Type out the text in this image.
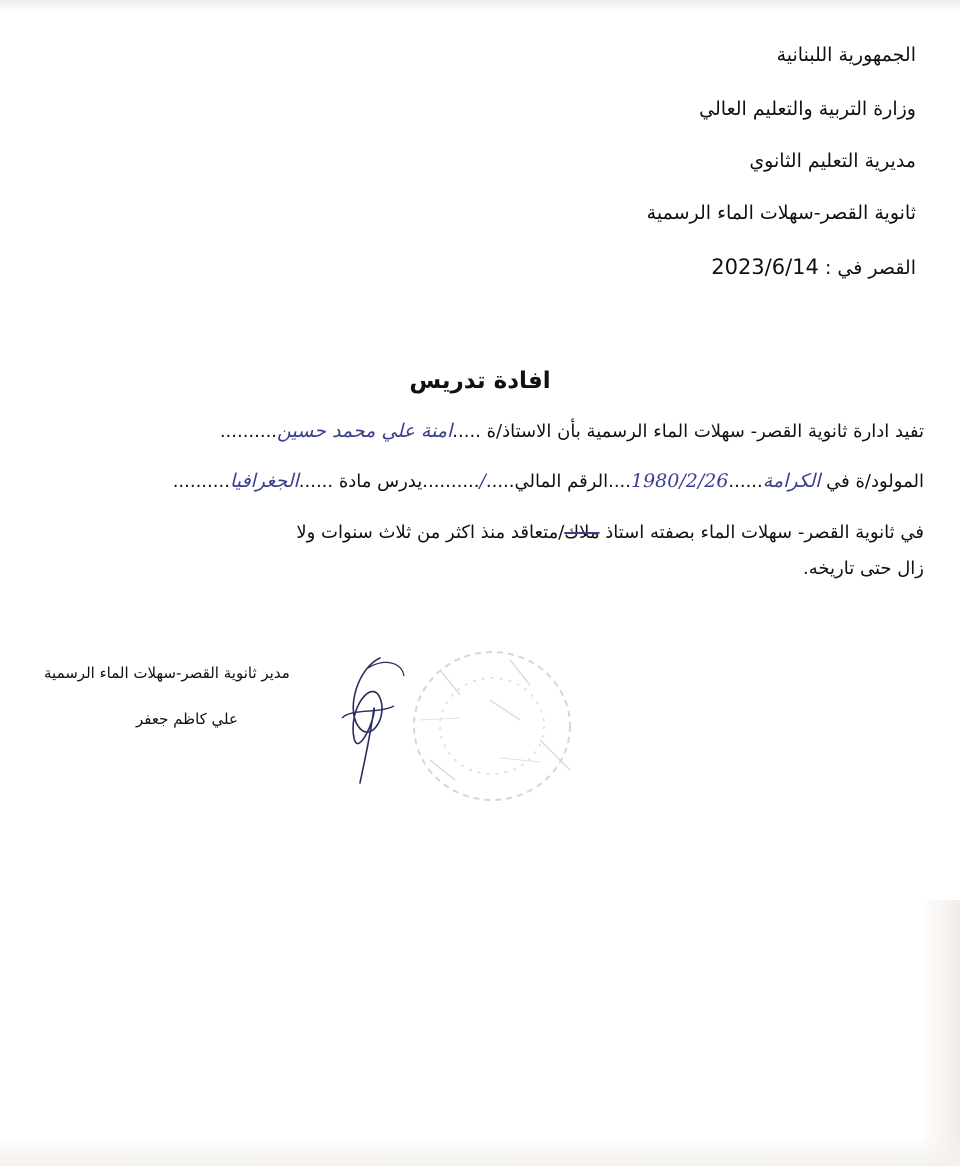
الجمهورية اللبنانية
وزارة التربية والتعليم العالي
مديرية التعليم الثانوي
ثانوية القصر-سهلات الماء الرسمية
القصر في : 2023/6/14
افادة تدريس
تفيد ادارة ثانوية القصر- سهلات الماء الرسمية بأن الاستاذ/ة .....امنة علي محمد حسين..........
المولود/ة في الكرامة......1980/2/26....الرقم المالي...../..........يدرس مادة ......الجغرافيا..........
في ثانوية القصر- سهلات الماء بصفته استاذ ملاك/متعاقد منذ اكثر من ثلاث سنوات ولا
زال حتى تاريخه.
مدير ثانوية القصر-سهلات الماء الرسمية
علي كاظم جعفر
